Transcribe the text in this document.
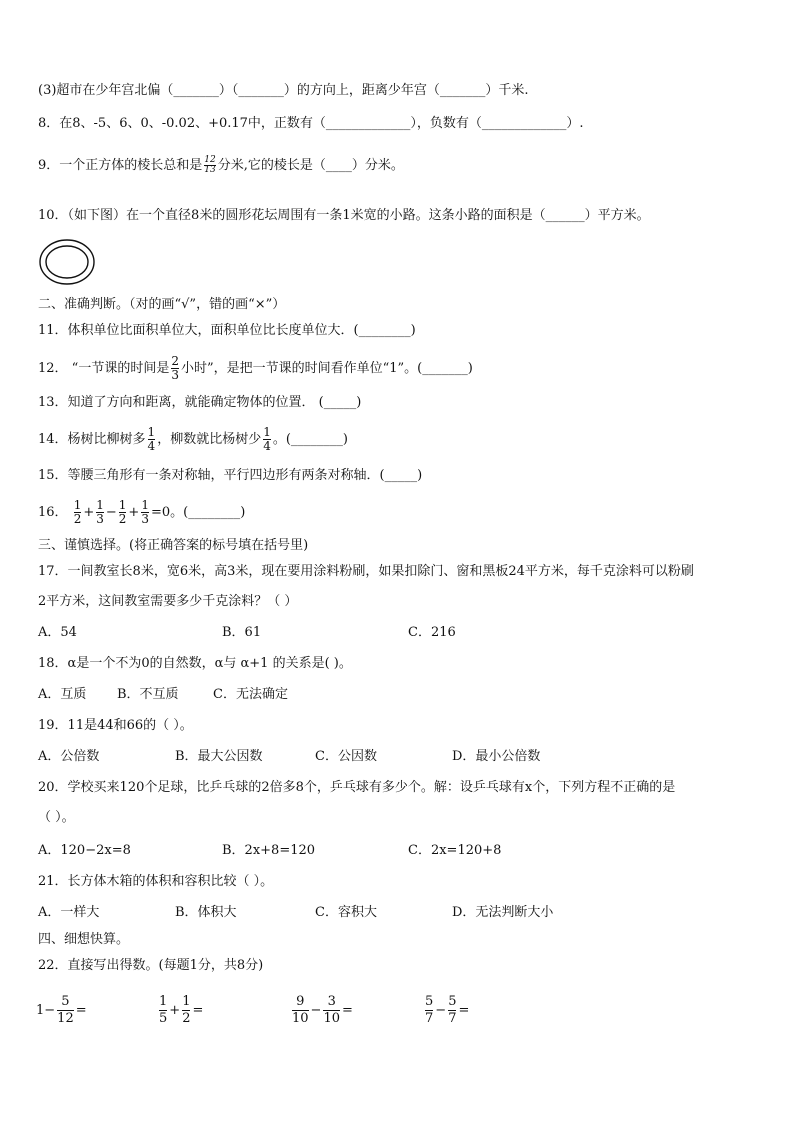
(3)超市在少年宫北偏（_______）（_______）的方向上，距离少年宫（_______）千米.
8．在8、-5、6、0、-0.02、+0.17中，正数有（_____________），负数有（_____________）.
9．一个正方体的棱长总和是 $\frac{12}{13}$ 分米,它的棱长是（____）分米。
10．（如下图）在一个直径8米的圆形花坛周围有一条1米宽的小路。这条小路的面积是（______）平方米。
二、准确判断。（对的画“√”，错的画“×”）
11．体积单位比面积单位大，面积单位比长度单位大．(________)
12． “一节课的时间是 $\frac{2}{3}$ 小时”，是把一节课的时间看作单位“1”。(_______)
13．知道了方向和距离，就能确定物体的位置． (_____)
14．杨树比柳树多 $\frac{1}{4}$ ，柳数就比杨树少 $\frac{1}{4}$ 。(________)
15．等腰三角形有一条对称轴，平行四边形有两条对称轴．(_____)
16． $\frac{1}{2} + \frac{1}{3} - \frac{1}{2} + \frac{1}{3} =0$。(________)
三、谨慎选择。(将正确答案的标号填在括号里)
17．一间教室长8米，宽6米，高3米，现在要用涂料粉刷，如果扣除门、窗和黑板24平方米，每千克涂料可以粉刷
2平方米，这间教室需要多少千克涂料？（ ）
A．54	B．61	C．216
18．α是一个不为0的自然数，α与 α+1 的关系是( )。
A．互质 B．不互质	C．无法确定
19．11是44和66的（ ）。
A．公倍数	B．最大公因数	C．公因数	D．最小公倍数
20．学校买来120个足球，比乒乓球的2倍多8个，乒乓球有多少个。解：设乒乓球有x个，下列方程不正确的是
（ ）。
A．120−2x=8	B．2x+8=120	C．2x=120+8
21．长方体木箱的体积和容积比较（ ）。
A．一样大	B．体积大	C．容积大	D．无法判断大小
四、细想快算。
22．直接写出得数。(每题1分，共8分)
$1- \frac{5}{12}$ =	$\frac{1}{5} + \frac{1}{2}$ =	$\frac{9}{10} - \frac{3}{10}$ =	$\frac{5}{7} - \frac{5}{7}$ =
